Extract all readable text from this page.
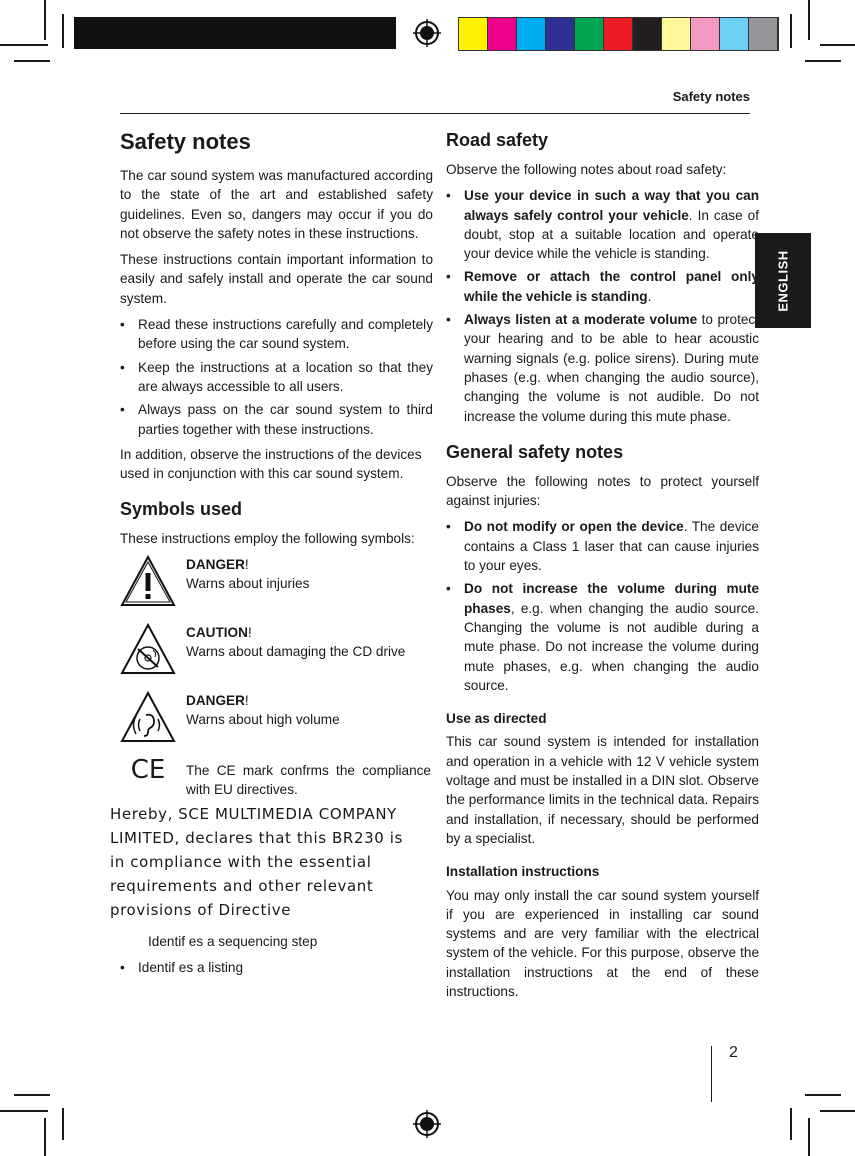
Safety notes
ENGLISH
Safety notes

The car sound system was manufactured according to the state of the art and established safety guidelines. Even so, dangers may occur if you do not observe the safety notes in these instructions.

These instructions contain important information to easily and safely install and operate the car sound system.

• Read these instructions carefully and completely before using the car sound system.
• Keep the instructions at a location so that they are always accessible to all users.
• Always pass on the car sound system to third parties together with these instructions.

In addition, observe the instructions of the devices used in conjunction with this car sound system.

Symbols used

These instructions employ the following symbols:

DANGER!
Warns about injuries
CAUTION!
Warns about damaging the CD drive
DANGER!
Warns about high volume
CE	The CE mark confrms the compliance with EU directives.
Hereby, SCE MULTIMEDIA COMPANY LIMITED, declares that this BR230 is in compliance with the essential requirements and other relevant provisions of Directive
Identif es a sequencing step
• Identif es a listing
Road safety

Observe the following notes about road safety:

• Use your device in such a way that you can always safely control your vehicle. In case of doubt, stop at a suitable location and operate your device while the vehicle is standing.
• Remove or attach the control panel only while the vehicle is standing.
• Always listen at a moderate volume to protect your hearing and to be able to hear acoustic warning signals (e.g. police sirens). During mute phases (e.g. when changing the audio source), changing the volume is not audible. Do not increase the volume during this mute phase.
General safety notes

Observe the following notes to protect yourself against injuries:

• Do not modify or open the device. The device contains a Class 1 laser that can cause injuries to your eyes.
• Do not increase the volume during mute phases, e.g. when changing the audio source. Changing the volume is not audible during a mute phase. Do not increase the volume during mute phases, e.g. when changing the audio source.
Use as directed

This car sound system is intended for installation and operation in a vehicle with 12 V vehicle system voltage and must be installed in a DIN slot. Observe the performance limits in the technical data. Repairs and installation, if necessary, should be performed by a specialist.

Installation instructions

You may only install the car sound system yourself if you are experienced in installing car sound systems and are very familiar with the electrical system of the vehicle. For this purpose, observe the installation instructions at the end of these instructions.

2
